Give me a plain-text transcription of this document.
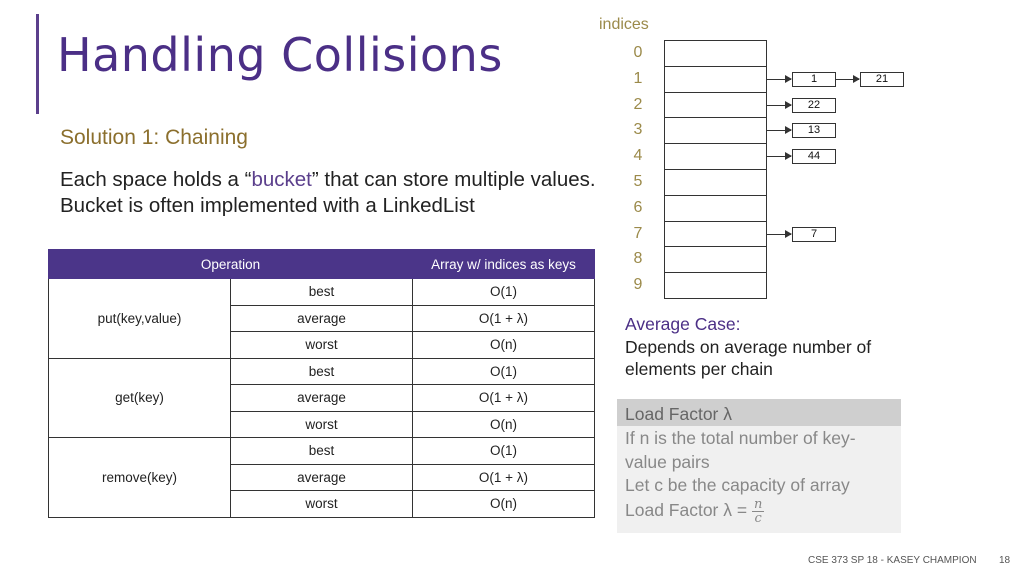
Handling Collisions
Solution 1: Chaining
Each space holds a “bucket” that can store multiple values. Bucket is often implemented with a LinkedList
Operation		Array w/ indices as keys
put(key,value)	best	O(1)
	average	O(1 + λ)
	worst	O(n)
get(key)	best	O(1)
	average	O(1 + λ)
	worst	O(n)
remove(key)	best	O(1)
	average	O(1 + λ)
	worst	O(n)
indices
0
1	1	21
2	22
3	13
4	44
5
6
7	7
8
9
Average Case:
Depends on average number of elements per chain
Load Factor λ
If n is the total number of key-value pairs
Let c be the capacity of array
Load Factor $\lambda = \frac{n}{c}$
CSE 373 SP 18 - KASEY CHAMPION 18
